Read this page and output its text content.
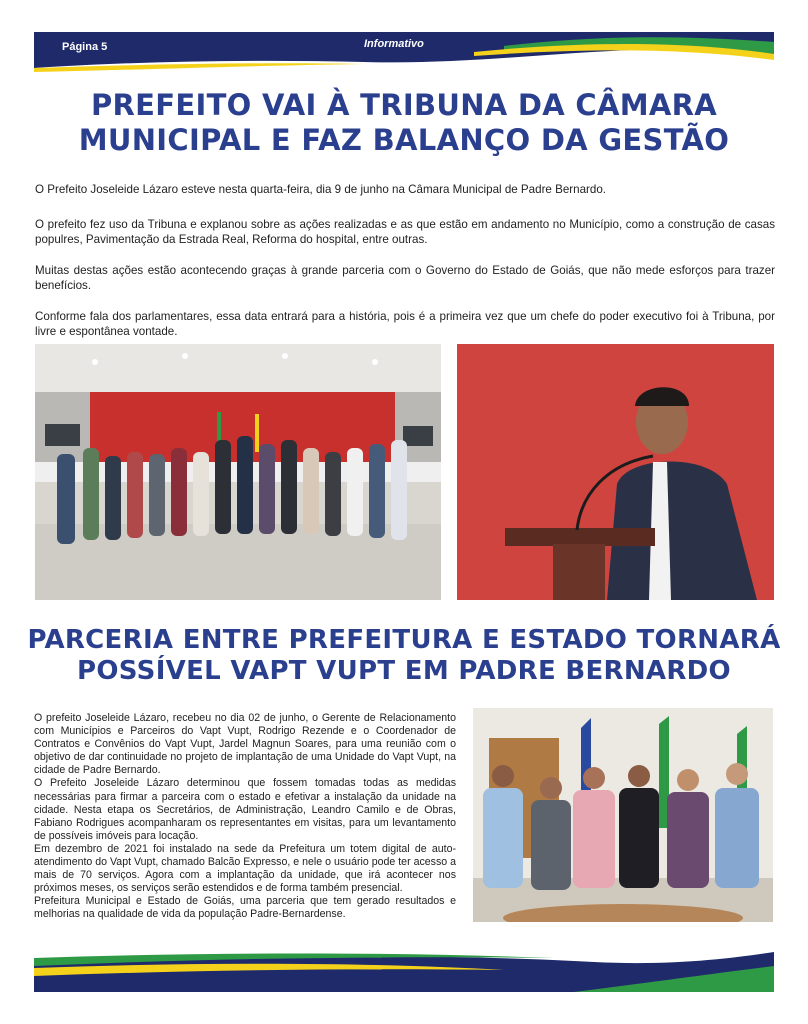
Página 5	Informativo
PREFEITO VAI À TRIBUNA DA CÂMARA
MUNICIPAL E FAZ BALANÇO DA GESTÃO

O Prefeito Joseleide Lázaro esteve nesta quarta-feira, dia 9 de junho na Câmara Municipal de Padre Bernardo.

O prefeito fez uso da Tribuna e explanou sobre as ações realizadas e as que estão em andamento no Município, como a construção de casas populres, Pavimentação da Estrada Real, Reforma do hospital, entre outras.

Muitas destas ações estão acontecendo graças à grande parceria com o Governo do Estado de Goiás, que não mede esforços para trazer benefícios.

Conforme fala dos parlamentares, essa data entrará para a história, pois é a primeira vez que um chefe do poder executivo foi à Tribuna, por livre e espontânea vontade.

PARCERIA ENTRE PREFEITURA E ESTADO TORNARÁ
POSSÍVEL VAPT VUPT EM PADRE BERNARDO

O prefeito Joseleide Lázaro, recebeu no dia 02 de junho, o Gerente de Relacionamento com Municípios e Parceiros do Vapt Vupt, Rodrigo Rezende e o Coordenador de Contratos e Convênios do Vapt Vupt, Jardel Magnun Soares, para uma reunião com o objetivo de dar continuidade no projeto de implantação de uma Unidade do Vapt Vupt, na cidade de Padre Bernardo.

O Prefeito Joseleide Lázaro determinou que fossem tomadas todas as medidas necessárias para firmar a parceira com o estado e efetivar a instalação da unidade na cidade. Nesta etapa os Secretários, de Administração, Leandro Camilo e de Obras, Fabiano Rodrigues acompanharam os representantes em visitas, para um levantamento de possíveis imóveis para locação.

Em dezembro de 2021 foi instalado na sede da Prefeitura um totem digital de auto-atendimento do Vapt Vupt, chamado Balcão Expresso, e nele o usuário pode ter acesso a mais de 70 serviços. Agora com a implantação da unidade, que irá acontecer nos próximos meses, os serviços serão estendidos e de forma também presencial.

Prefeitura Municipal e Estado de Goiás, uma parceria que tem gerado resultados e melhorias na qualidade de vida da população Padre-Bernardense.
